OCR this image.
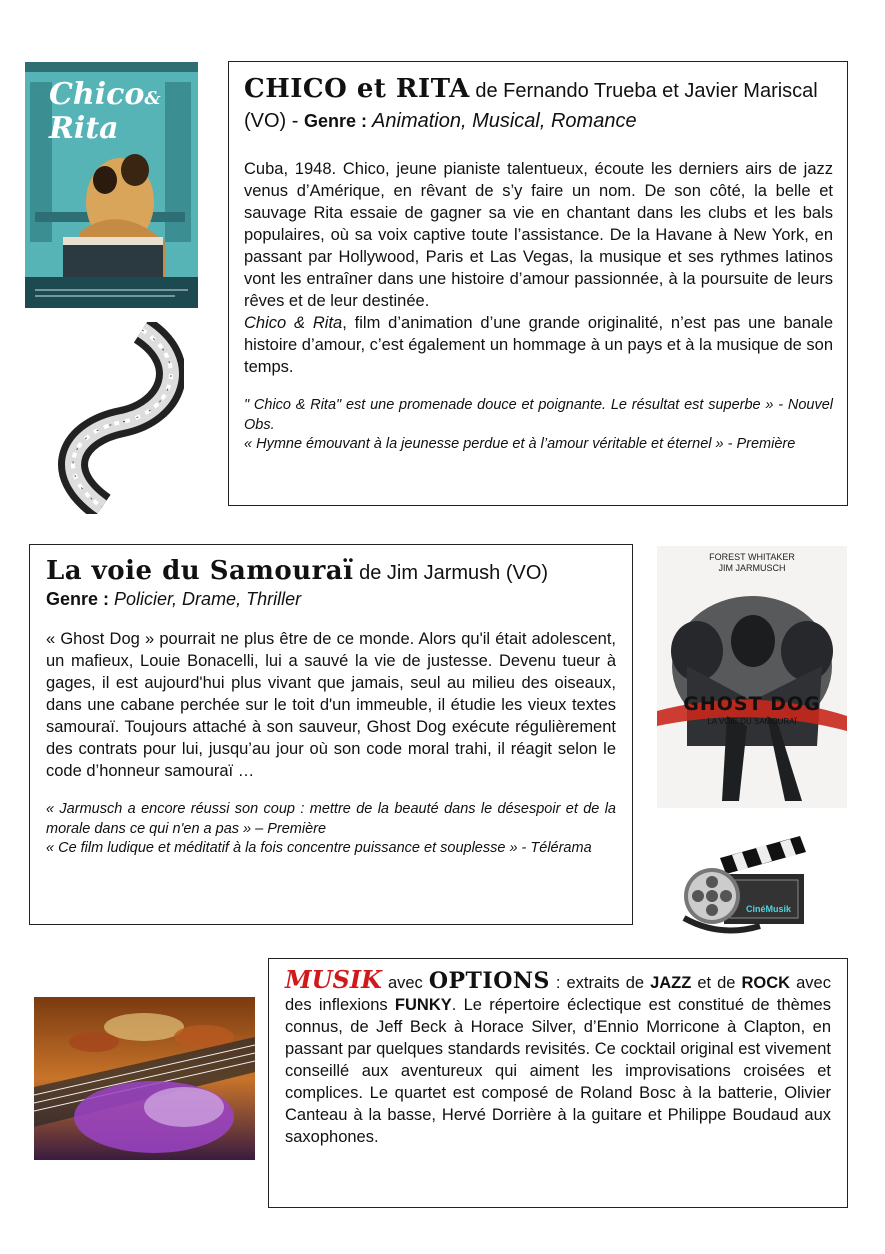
Chico&
Rita
CHICO et RITA de Fernando Trueba et Javier Mariscal (VO) - Genre : Animation, Musical, Romance

Cuba, 1948. Chico, jeune pianiste talentueux, écoute les derniers airs de jazz venus d’Amérique, en rêvant de s’y faire un nom. De son côté, la belle et sauvage Rita essaie de gagner sa vie en chantant dans les clubs et les bals populaires, où sa voix captive toute l’assistance. De la Havane à New York, en passant par Hollywood, Paris et Las Vegas, la musique et ses rythmes latinos vont les entraîner dans une histoire d’amour passionnée, à la poursuite de leurs rêves et de leur destinée.

Chico & Rita, film d’animation d’une grande originalité, n’est pas une banale histoire d’amour, c’est également un hommage à un pays et à la musique de son temps.

" Chico & Rita" est une promenade douce et poignante. Le résultat est superbe » - Nouvel Obs.

« Hymne émouvant à la jeunesse perdue et à l’amour véritable et éternel » - Première

La voie du Samouraï de Jim Jarmush (VO)
Genre : Policier, Drame, Thriller

« Ghost Dog » pourrait ne plus être de ce monde. Alors qu'il était adolescent, un mafieux, Louie Bonacelli, lui a sauvé la vie de justesse. Devenu tueur à gages, il est aujourd'hui plus vivant que jamais, seul au milieu des oiseaux, dans une cabane perchée sur le toit d'un immeuble, il étudie les vieux textes samouraï. Toujours attaché à son sauveur, Ghost Dog exécute régulièrement des contrats pour lui, jusqu’au jour où son code moral trahi, il réagit selon le code d’honneur samouraï …

« Jarmusch a encore réussi son coup : mettre de la beauté dans le désespoir et de la morale dans ce qui n'en a pas » – Première

« Ce film ludique et méditatif à la fois concentre puissance et souplesse » - Télérama

FOREST WHITAKER
JIM JARMUSCH
GHOST DOG
LA VOIE DU SAMOURAÏ
CinéMusik

MUSIK avec OPTIONS : extraits de JAZZ et de ROCK avec des inflexions FUNKY. Le répertoire éclectique est constitué de thèmes connus, de Jeff Beck à Horace Silver, d’Ennio Morricone à Clapton, en passant par quelques standards revisités. Ce cocktail original est vivement conseillé aux aventureux qui aiment les improvisations croisées et complices. Le quartet est composé de Roland Bosc à la batterie, Olivier Canteau à la basse, Hervé Dorrière à la guitare et Philippe Boudaud aux saxophones.
